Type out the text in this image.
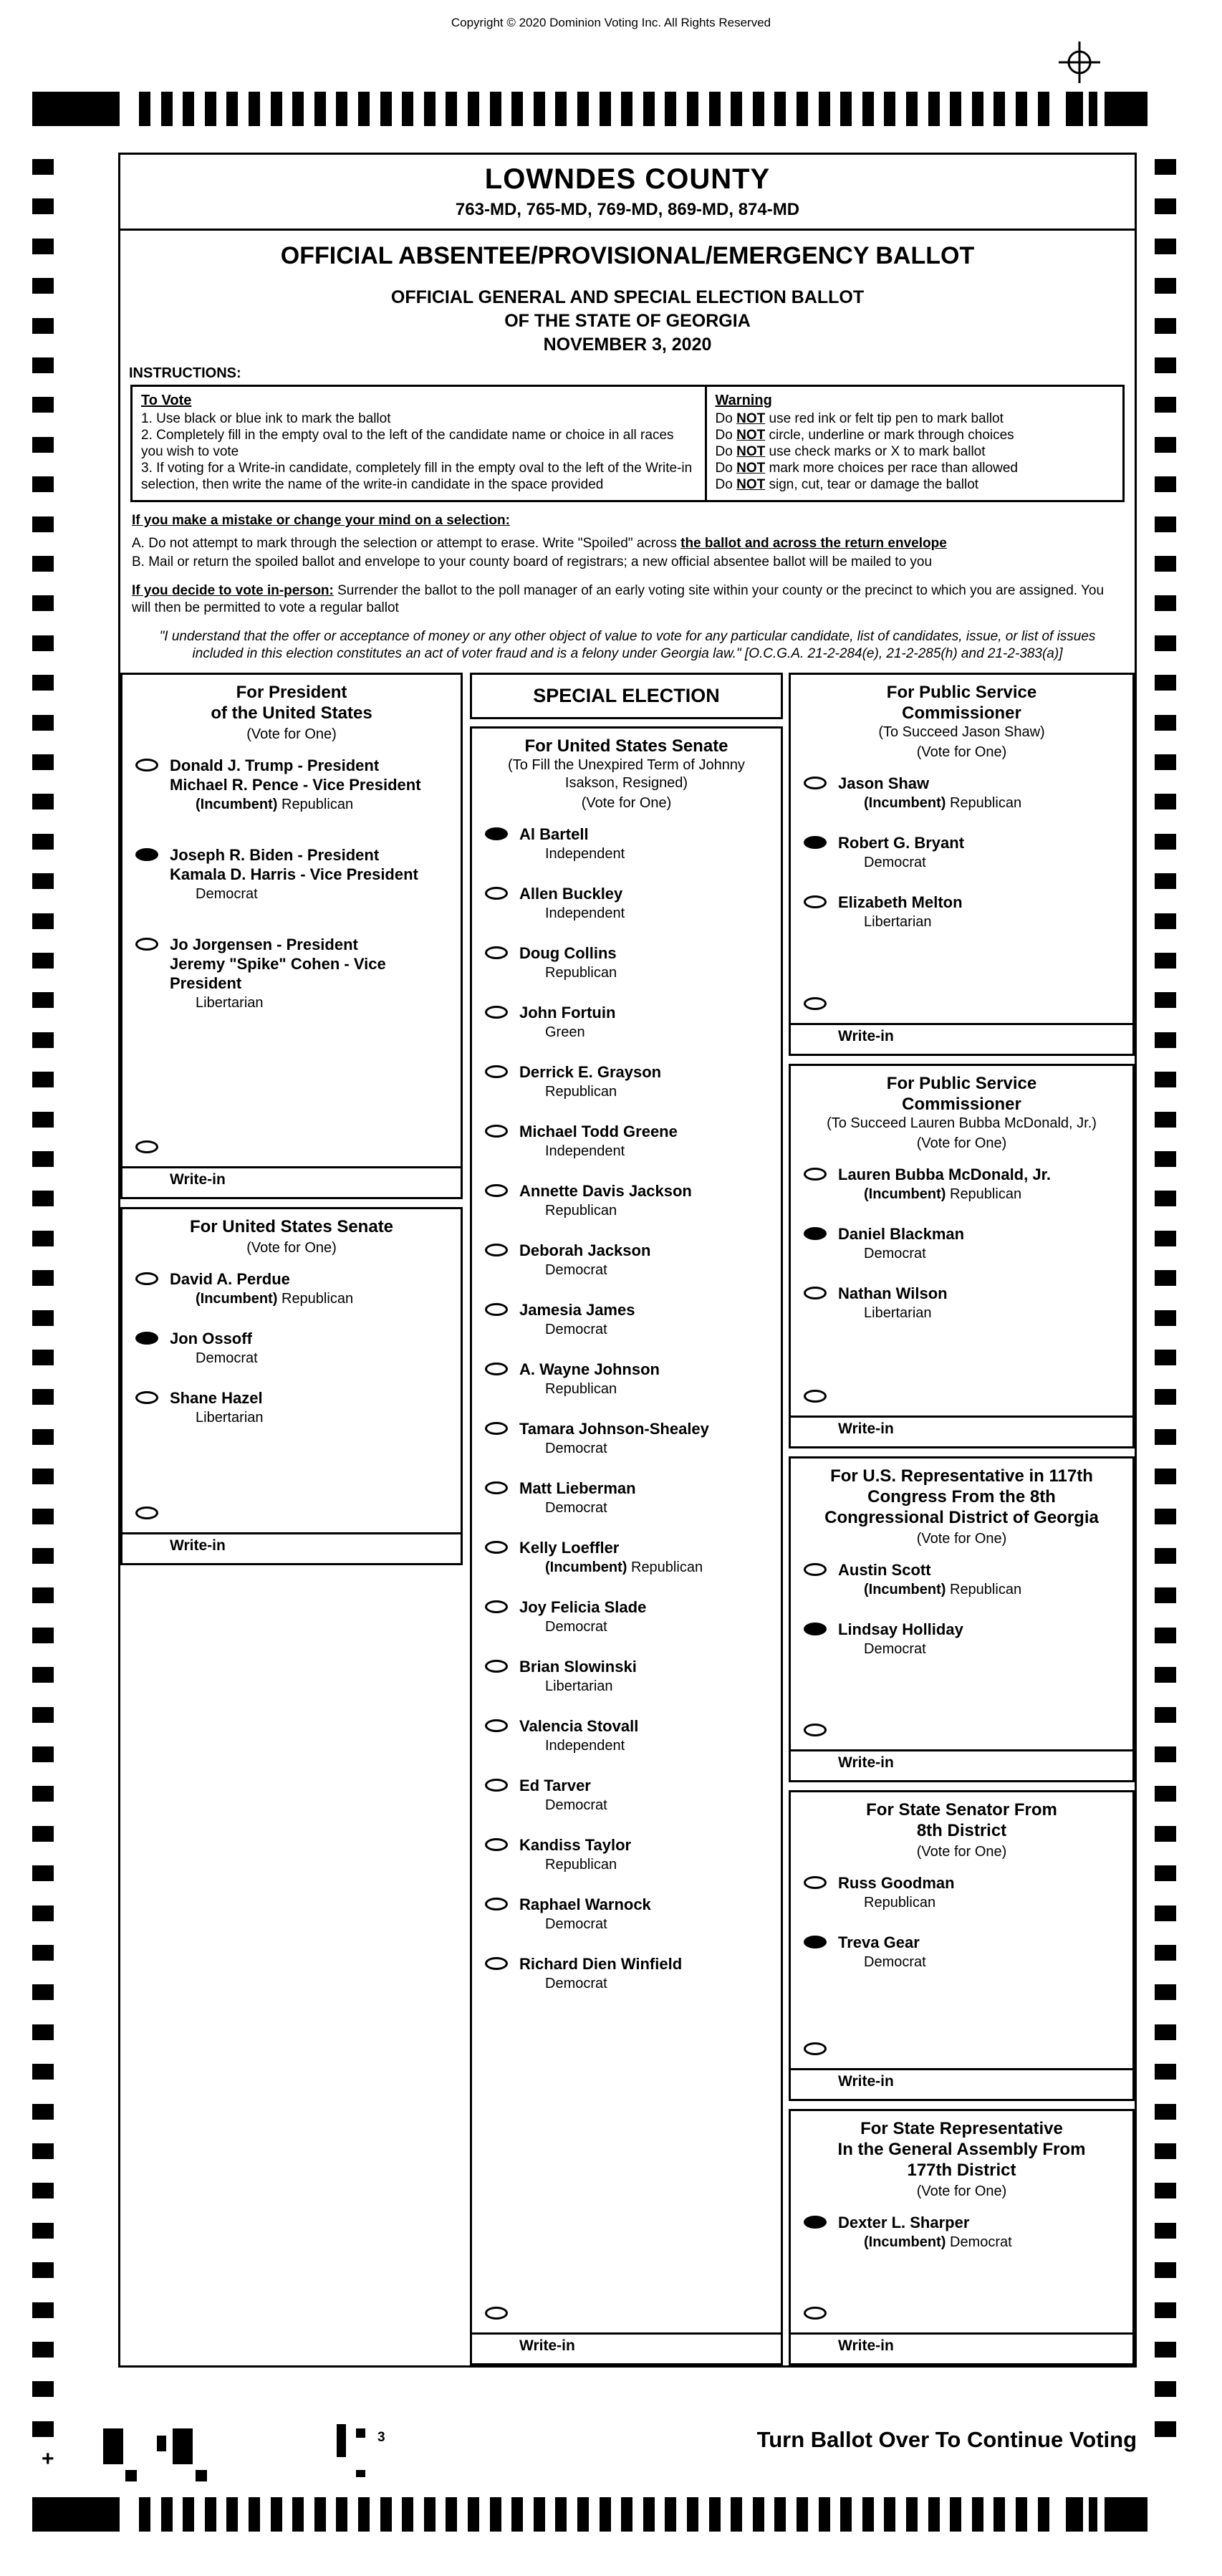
Copyright © 2020 Dominion Voting Inc. All Rights Reserved
LOWNDES COUNTY
763-MD, 765-MD, 769-MD, 869-MD, 874-MD
OFFICIAL ABSENTEE/PROVISIONAL/EMERGENCY BALLOT
OFFICIAL GENERAL AND SPECIAL ELECTION BALLOT
OF THE STATE OF GEORGIA
NOVEMBER 3, 2020
INSTRUCTIONS:
To Vote
1. Use black or blue ink to mark the ballot
2. Completely fill in the empty oval to the left of the candidate name or choice in all races you wish to vote
3. If voting for a Write-in candidate, completely fill in the empty oval to the left of the Write-in selection, then write the name of the write-in candidate in the space provided
Warning
Do NOT use red ink or felt tip pen to mark ballot
Do NOT circle, underline or mark through choices
Do NOT use check marks or X to mark ballot
Do NOT mark more choices per race than allowed
Do NOT sign, cut, tear or damage the ballot
If you make a mistake or change your mind on a selection:
A. Do not attempt to mark through the selection or attempt to erase. Write "Spoiled" across the ballot and across the return envelope
B. Mail or return the spoiled ballot and envelope to your county board of registrars; a new official absentee ballot will be mailed to you
If you decide to vote in-person: Surrender the ballot to the poll manager of an early voting site within your county or the precinct to which you are assigned. You will then be permitted to vote a regular ballot
"I understand that the offer or acceptance of money or any other object of value to vote for any particular candidate, list of candidates, issue, or list of issues included in this election constitutes an act of voter fraud and is a felony under Georgia law." [O.C.G.A. 21-2-284(e), 21-2-285(h) and 21-2-383(a)]
For President
of the United States
(Vote for One)
Donald J. Trump - President
Michael R. Pence - Vice President
(Incumbent) Republican
Joseph R. Biden - President
Kamala D. Harris - Vice President
Democrat
Jo Jorgensen - President
Jeremy "Spike" Cohen - Vice President
Libertarian
Write-in
For United States Senate
(Vote for One)
David A. Perdue
(Incumbent) Republican
Jon Ossoff
Democrat
Shane Hazel
Libertarian
Write-in
SPECIAL ELECTION
For United States Senate
(To Fill the Unexpired Term of Johnny
Isakson, Resigned)
(Vote for One)
Al Bartell
Independent
Allen Buckley
Independent
Doug Collins
Republican
John Fortuin
Green
Derrick E. Grayson
Republican
Michael Todd Greene
Independent
Annette Davis Jackson
Republican
Deborah Jackson
Democrat
Jamesia James
Democrat
A. Wayne Johnson
Republican
Tamara Johnson-Shealey
Democrat
Matt Lieberman
Democrat
Kelly Loeffler
(Incumbent) Republican
Joy Felicia Slade
Democrat
Brian Slowinski
Libertarian
Valencia Stovall
Independent
Ed Tarver
Democrat
Kandiss Taylor
Republican
Raphael Warnock
Democrat
Richard Dien Winfield
Democrat
Write-in
For Public Service
Commissioner
(To Succeed Jason Shaw)
(Vote for One)
Jason Shaw
(Incumbent) Republican
Robert G. Bryant
Democrat
Elizabeth Melton
Libertarian
Write-in
For Public Service
Commissioner
(To Succeed Lauren Bubba McDonald, Jr.)
(Vote for One)
Lauren Bubba McDonald, Jr.
(Incumbent) Republican
Daniel Blackman
Democrat
Nathan Wilson
Libertarian
Write-in
For U.S. Representative in 117th
Congress From the 8th
Congressional District of Georgia
(Vote for One)
Austin Scott
(Incumbent) Republican
Lindsay Holliday
Democrat
Write-in
For State Senator From
8th District
(Vote for One)
Russ Goodman
Republican
Treva Gear
Democrat
Write-in
For State Representative
In the General Assembly From
177th District
(Vote for One)
Dexter L. Sharper
(Incumbent) Democrat
Write-in
+
3	Turn Ballot Over To Continue Voting
